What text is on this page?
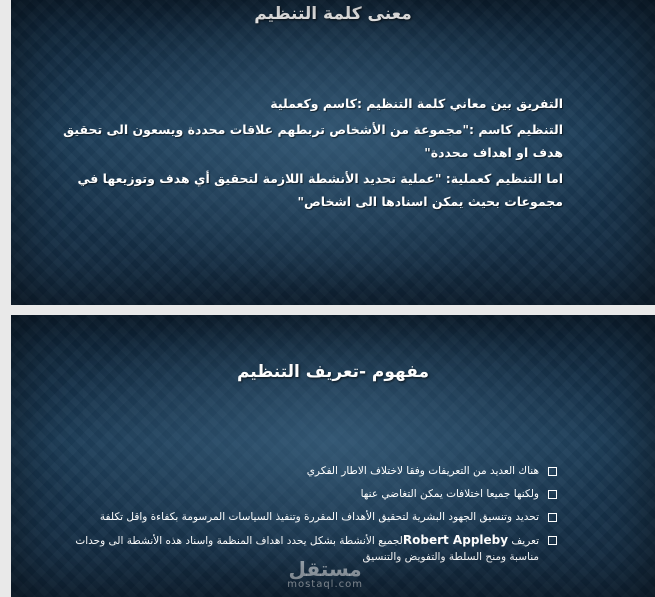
معنى كلمة التنظيم

التفريق بين معاني كلمة التنظيم :كاسم وكعملية

التنظيم كاسم :"مجموعة من الأشخاص تربطهم علاقات محددة ويسعون الى تحقيق هدف او اهداف محددة"

اما التنظيم كعملية: "عملية تحديد الأنشطة اللازمة لتحقيق أي هدف وتوزيعها في مجموعات بحيث يمكن اسنادها الى اشخاص"

مفهوم -تعريف التنظيم
هناك العديد من التعريفات وفقا لاختلاف الاطار الفكري
ولكنها جميعا اختلافات يمكن التغاضي عنها
تحديد وتنسيق الجهود البشرية لتحقيق الأهداف المقررة وتنفيذ السياسات المرسومة بكفاءة واقل تكلفة
تعريف Robert Applebyلجميع الأنشطة بشكل يحدد اهداف المنظمة واسناد هذه الأنشطة الى وحدات مناسبة ومنح السلطة والتفويض والتنسيق
مستقل
mostaql.com
